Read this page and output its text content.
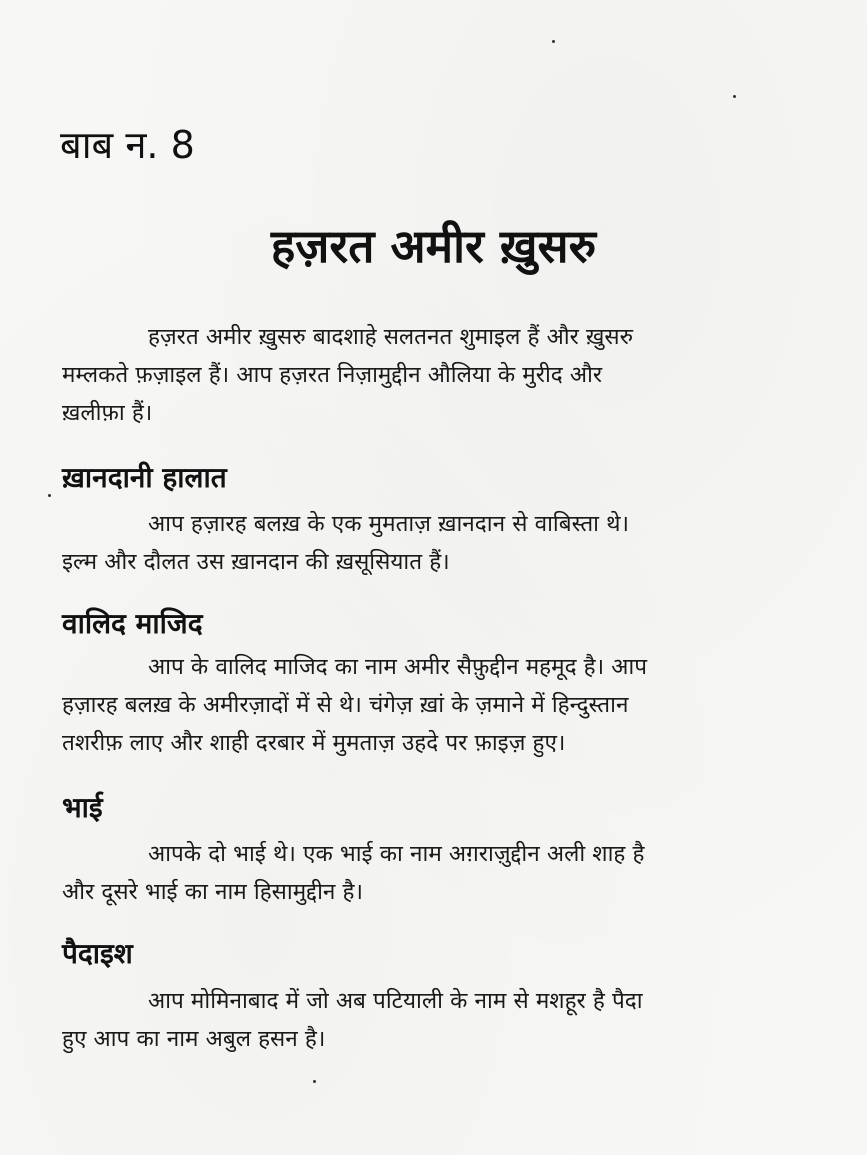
बाब न. 8
हज़रत अमीर ख़ुसरु
हज़रत अमीर ख़ुसरु बादशाहे सलतनत शुमाइल हैं और ख़ुसरु
मम्लकते फ़ज़ाइल हैं। आप हज़रत निज़ामुद्दीन औलिया के मुरीद और
ख़लीफ़ा हैं।
ख़ानदानी हालात
आप हज़ारह बलख़ के एक मुमताज़ ख़ानदान से वाबिस्ता थे।
इल्म और दौलत उस ख़ानदान की ख़सूसियात हैं।
वालिद माजिद
आप के वालिद माजिद का नाम अमीर सैफ़ुद्दीन महमूद है। आप
हज़ारह बलख़ के अमीरज़ादों में से थे। चंगेज़ ख़ां के ज़माने में हिन्दुस्तान
तशरीफ़ लाए और शाही दरबार में मुमताज़ उहदे पर फ़ाइज़ हुए।
भाई
आपके दो भाई थे। एक भाई का नाम अग़राज़ुद्दीन अली शाह है
और दूसरे भाई का नाम हिसामुद्दीन है।
पैदाइश
आप मोमिनाबाद में जो अब पटियाली के नाम से मशहूर है पैदा
हुए आप का नाम अबुल हसन है।
